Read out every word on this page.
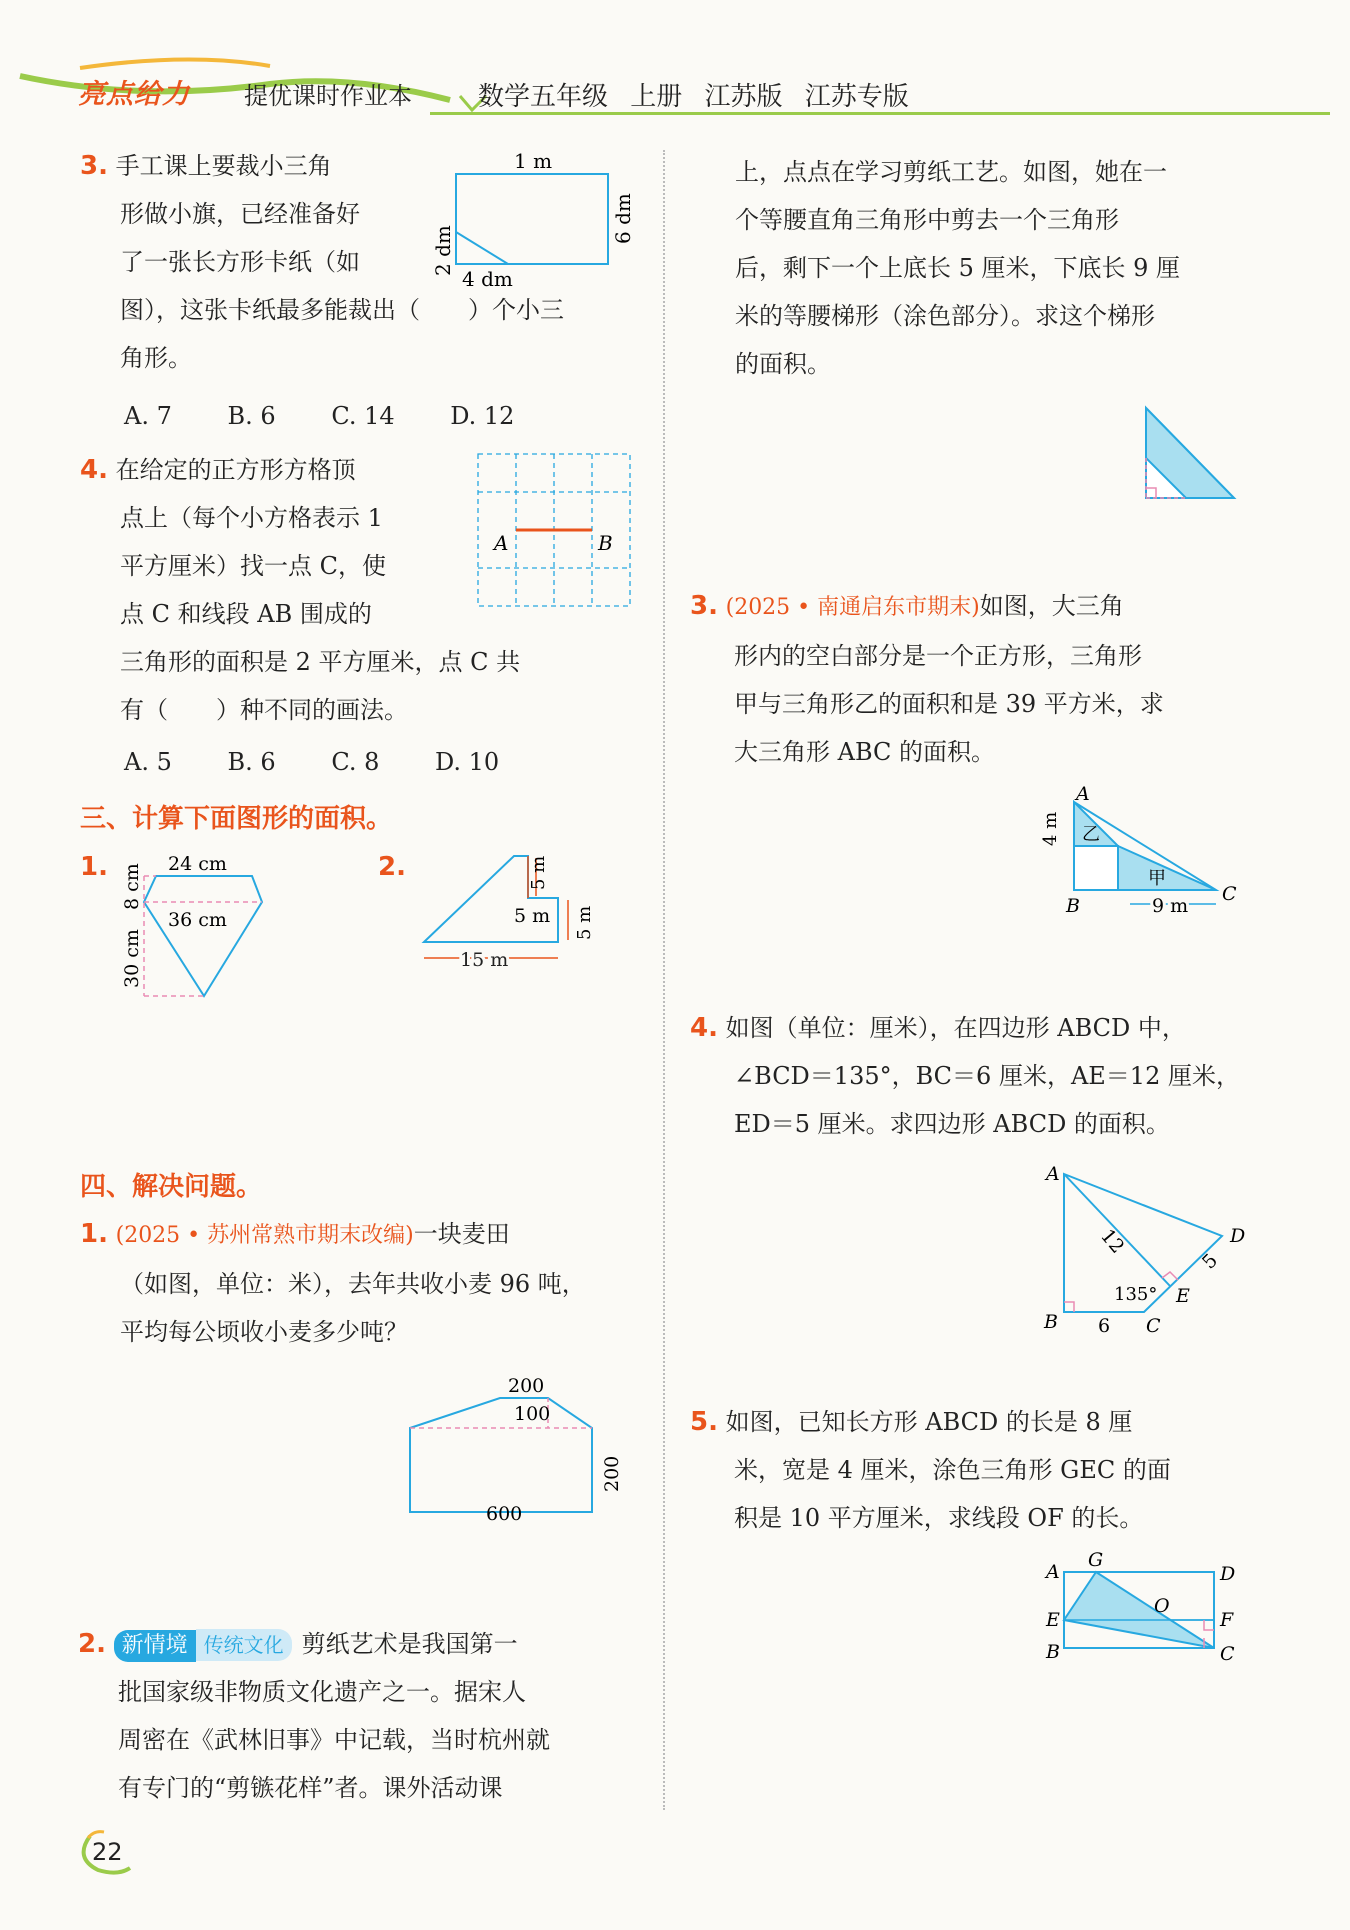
亮点给力 提优课时作业本	数学五年级 上册 江苏版 江苏专版
3. 手工课上要裁小三角
形做小旗，已经准备好
了一张长方形卡纸（如
图），这张卡纸最多能裁出（　　）个小三
角形。
1 m
6 dm
2 dm
4 dm
A. 7 B. 6 C. 14 D. 12
4. 在给定的正方形方格顶
点上（每个小方格表示 1
平方厘米）找一点 C，使
点 C 和线段 AB 围成的
三角形的面积是 2 平方厘米，点 C 共
有（　　）种不同的画法。
A	B
A. 5 B. 6 C. 8 D. 10
三、计算下面图形的面积。
1.	24 cm
36 cm
8 cm
30 cm
2.	5 m
5 m 5 m
15 m
四、解决问题。
1. (2025 • 苏州常熟市期末改编)一块麦田
（如图，单位：米），去年共收小麦 96 吨，
平均每公顷收小麦多少吨？
200
100
200
600
2. 新情境 传统文化 剪纸艺术是我国第一
批国家级非物质文化遗产之一。据宋人
周密在《武林旧事》中记载，当时杭州就
有专门的“剪镞花样”者。课外活动课
上，点点在学习剪纸工艺。如图，她在一
个等腰直角三角形中剪去一个三角形
后，剩下一个上底长 5 厘米，下底长 9 厘
米的等腰梯形（涂色部分）。求这个梯形
的面积。
3. (2025 • 南通启东市期末)如图，大三角
形内的空白部分是一个正方形，三角形
甲与三角形乙的面积和是 39 平方米，求
大三角形 ABC 的面积。
A
B
C
乙
甲
4 m
9 m
4. 如图（单位：厘米），在四边形 ABCD 中，
∠BCD＝135°，BC＝6 厘米，AE＝12 厘米，
ED＝5 厘米。求四边形 ABCD 的面积。
A
D
E
B	C
12
5
6
135°
5. 如图，已知长方形 ABCD 的长是 8 厘
米，宽是 4 厘米，涂色三角形 GEC 的面
积是 10 平方厘米，求线段 OF 的长。
A
G
D
E	F
O
B	C
22
